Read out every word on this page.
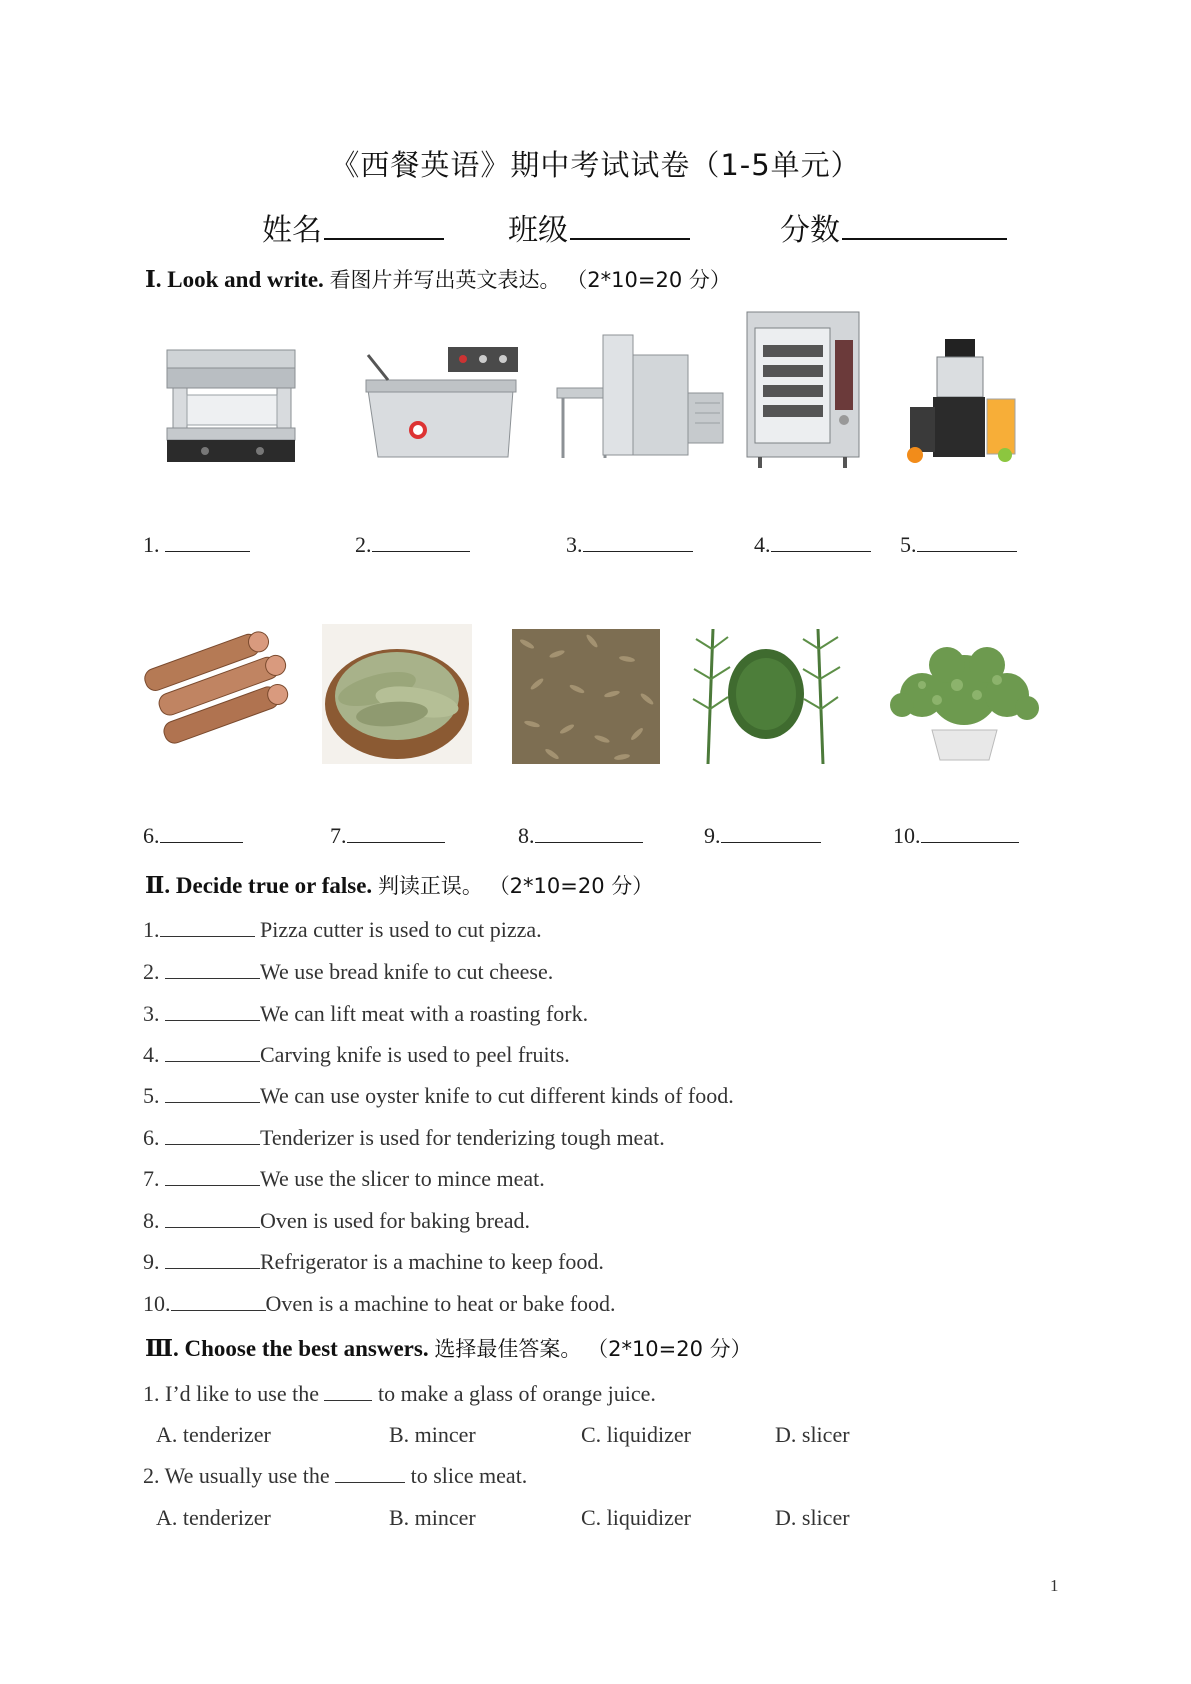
《西餐英语》期中考试试卷（1-5单元）
姓名	班级	分数
Ⅰ. Look and write. 看图片并写出英文表达。 （2*10=20 分）
1.	2.	3.	4.	5.
6.	7.	8.	9.	10.
Ⅱ. Decide true or false. 判读正误。 （2*10=20 分）
1.	Pizza cutter is used to cut pizza.
2.	We use bread knife to cut cheese.
3.	We can lift meat with a roasting fork.
4.	Carving knife is used to peel fruits.
5.	We can use oyster knife to cut different kinds of food.
6.	Tenderizer is used for tenderizing tough meat.
7.	We use the slicer to mince meat.
8.	Oven is used for baking bread.
9.	Refrigerator is a machine to keep food.
10.	Oven is a machine to heat or bake food.
Ⅲ. Choose the best answers. 选择最佳答案。 （2*10=20 分）
1. I’d like to use the	to make a glass of orange juice.
A. tenderizer	B. mincer	C. liquidizer	D. slicer
2. We usually use the	to slice meat.
A. tenderizer	B. mincer	C. liquidizer	D. slicer
1
